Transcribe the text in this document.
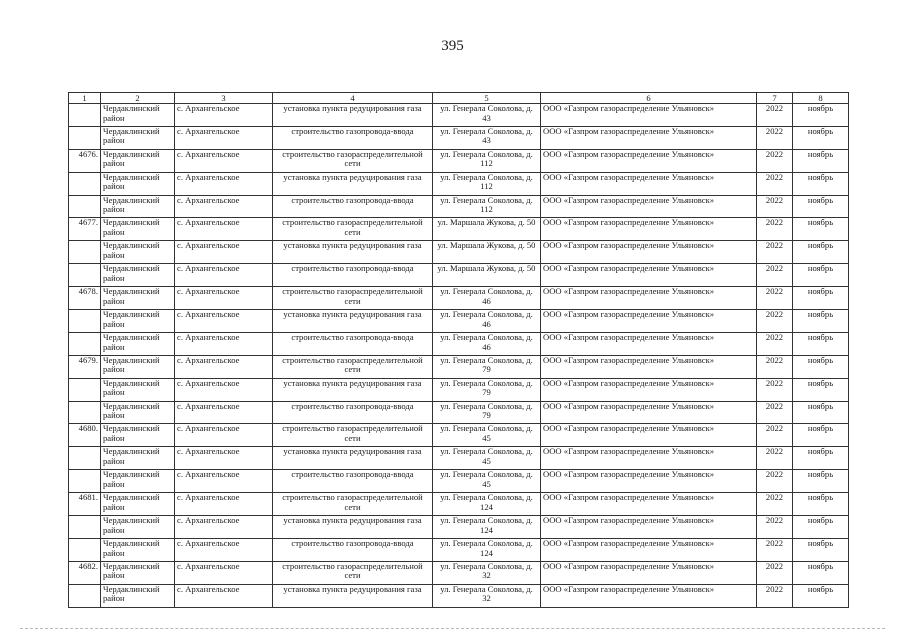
395
1	2	3	4	5	6	7	8
	Чердаклинский район	с. Архангельское	установка пункта редуцирования газа	ул. Генерала Соколова, д. 43	ООО «Газпром газораспределение Ульяновск»	2022	ноябрь
	Чердаклинский район	с. Архангельское	строительство газопровода-ввода	ул. Генерала Соколова, д. 43	ООО «Газпром газораспределение Ульяновск»	2022	ноябрь
4676.	Чердаклинский район	с. Архангельское	строительство газораспределительной сети	ул. Генерала Соколова, д. 112	ООО «Газпром газораспределение Ульяновск»	2022	ноябрь
	Чердаклинский район	с. Архангельское	установка пункта редуцирования газа	ул. Генерала Соколова, д. 112	ООО «Газпром газораспределение Ульяновск»	2022	ноябрь
	Чердаклинский район	с. Архангельское	строительство газопровода-ввода	ул. Генерала Соколова, д. 112	ООО «Газпром газораспределение Ульяновск»	2022	ноябрь
4677.	Чердаклинский район	с. Архангельское	строительство газораспределительной сети	ул. Маршала Жукова, д. 50	ООО «Газпром газораспределение Ульяновск»	2022	ноябрь
	Чердаклинский район	с. Архангельское	установка пункта редуцирования газа	ул. Маршала Жукова, д. 50	ООО «Газпром газораспределение Ульяновск»	2022	ноябрь
	Чердаклинский район	с. Архангельское	строительство газопровода-ввода	ул. Маршала Жукова, д. 50	ООО «Газпром газораспределение Ульяновск»	2022	ноябрь
4678.	Чердаклинский район	с. Архангельское	строительство газораспределительной сети	ул. Генерала Соколова, д. 46	ООО «Газпром газораспределение Ульяновск»	2022	ноябрь
	Чердаклинский район	с. Архангельское	установка пункта редуцирования газа	ул. Генерала Соколова, д. 46	ООО «Газпром газораспределение Ульяновск»	2022	ноябрь
	Чердаклинский район	с. Архангельское	строительство газопровода-ввода	ул. Генерала Соколова, д. 46	ООО «Газпром газораспределение Ульяновск»	2022	ноябрь
4679.	Чердаклинский район	с. Архангельское	строительство газораспределительной сети	ул. Генерала Соколова, д. 79	ООО «Газпром газораспределение Ульяновск»	2022	ноябрь
	Чердаклинский район	с. Архангельское	установка пункта редуцирования газа	ул. Генерала Соколова, д. 79	ООО «Газпром газораспределение Ульяновск»	2022	ноябрь
	Чердаклинский район	с. Архангельское	строительство газопровода-ввода	ул. Генерала Соколова, д. 79	ООО «Газпром газораспределение Ульяновск»	2022	ноябрь
4680.	Чердаклинский район	с. Архангельское	строительство газораспределительной сети	ул. Генерала Соколова, д. 45	ООО «Газпром газораспределение Ульяновск»	2022	ноябрь
	Чердаклинский район	с. Архангельское	установка пункта редуцирования газа	ул. Генерала Соколова, д. 45	ООО «Газпром газораспределение Ульяновск»	2022	ноябрь
	Чердаклинский район	с. Архангельское	строительство газопровода-ввода	ул. Генерала Соколова, д. 45	ООО «Газпром газораспределение Ульяновск»	2022	ноябрь
4681.	Чердаклинский район	с. Архангельское	строительство газораспределительной сети	ул. Генерала Соколова, д. 124	ООО «Газпром газораспределение Ульяновск»	2022	ноябрь
	Чердаклинский район	с. Архангельское	установка пункта редуцирования газа	ул. Генерала Соколова, д. 124	ООО «Газпром газораспределение Ульяновск»	2022	ноябрь
	Чердаклинский район	с. Архангельское	строительство газопровода-ввода	ул. Генерала Соколова, д. 124	ООО «Газпром газораспределение Ульяновск»	2022	ноябрь
4682.	Чердаклинский район	с. Архангельское	строительство газораспределительной сети	ул. Генерала Соколова, д. 32	ООО «Газпром газораспределение Ульяновск»	2022	ноябрь
	Чердаклинский район	с. Архангельское	установка пункта редуцирования газа	ул. Генерала Соколова, д. 32	ООО «Газпром газораспределение Ульяновск»	2022	ноябрь
